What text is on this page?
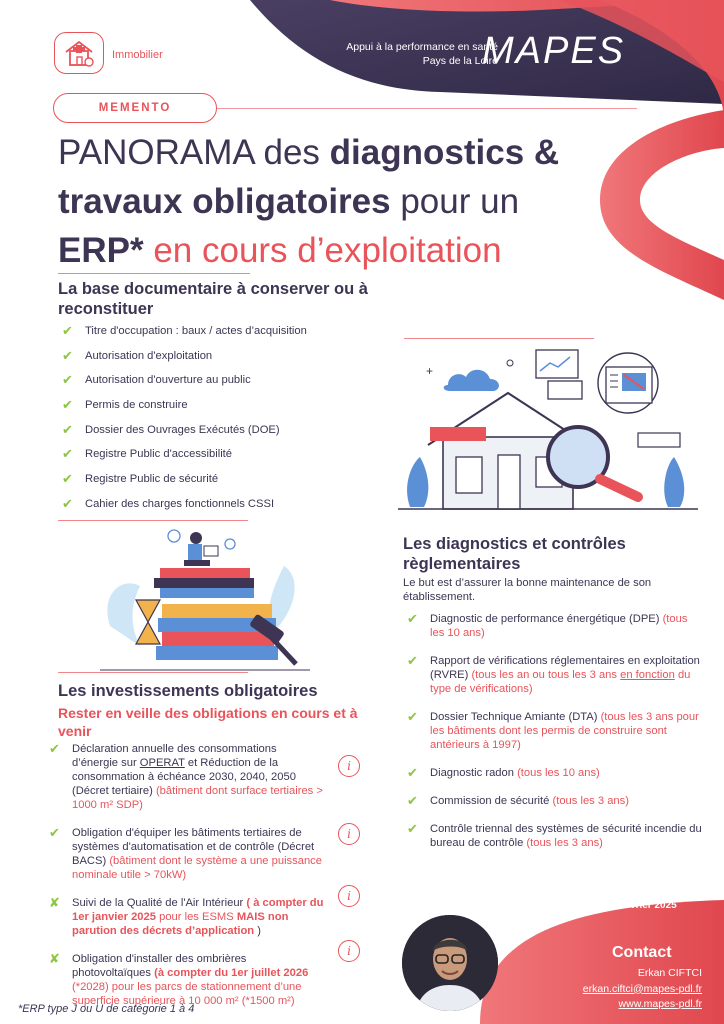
Immobilier
Appui à la performance en santé
Pays de la Loire
MAPES
MEMENTO
PANORAMA des diagnostics &
travaux obligatoires pour un
ERP* en cours d’exploitation
La base documentaire à conserver ou à reconstituer
✔ Titre d'occupation : baux / actes d’acquisition
✔ Autorisation d'exploitation
✔ Autorisation d'ouverture au public
✔ Permis de construire
✔ Dossier des Ouvrages Exécutés (DOE)
✔ Registre Public d'accessibilité
✔ Registre Public de sécurité
✔ Cahier des charges fonctionnels CSSI
+
Les diagnostics et contrôles règlementaires
Le but est d’assurer la bonne maintenance de son établissement.
✔ Diagnostic de performance énergétique (DPE) (tous les 10 ans)
✔ Rapport de vérifications réglementaires en exploitation (RVRE) (tous les an ou tous les 3 ans en fonction du type de vérifications)
✔ Dossier Technique Amiante (DTA) (tous les 3 ans pour les bâtiments dont les permis de construire sont antérieurs à 1997)
✔ Diagnostic radon (tous les 10 ans)
✔ Commission de sécurité (tous les 3 ans)
✔ Contrôle triennal des systèmes de sécurité incendie du bureau de contrôle (tous les 3 ans)
Les investissements obligatoires
Rester en veille des obligations en cours et à venir
✔ Déclaration annuelle des consommations d’énergie sur OPERAT et Réduction de la consommation à échéance 2030, 2040, 2050 (Décret tertiaire) (bâtiment dont surface tertiaires > 1000 m² SDP)
✔ Obligation d'équiper les bâtiments tertiaires de systèmes d'automatisation et de contrôle (Décret BACS) (bâtiment dont le système a une puissance nominale utile > 70kW)
✘ Suivi de la Qualité de l'Air Intérieur ( à compter du 1er janvier 2025 pour les ESMS MAIS non parution des décrets d’application )
✘ Obligation d'installer des ombrières photovoltaïques (à compter du 1er juillet 2026 (*2028) pour les parcs de stationnement d’une superficie supérieure à 10 000 m² (*1500 m²)
i
i
i
i
Mise à jour : février 2025
Contact
Erkan CIFTCI
erkan.ciftci@mapes-pdl.fr
www.mapes-pdl.fr
*ERP type J ou U de catégorie 1 à 4
